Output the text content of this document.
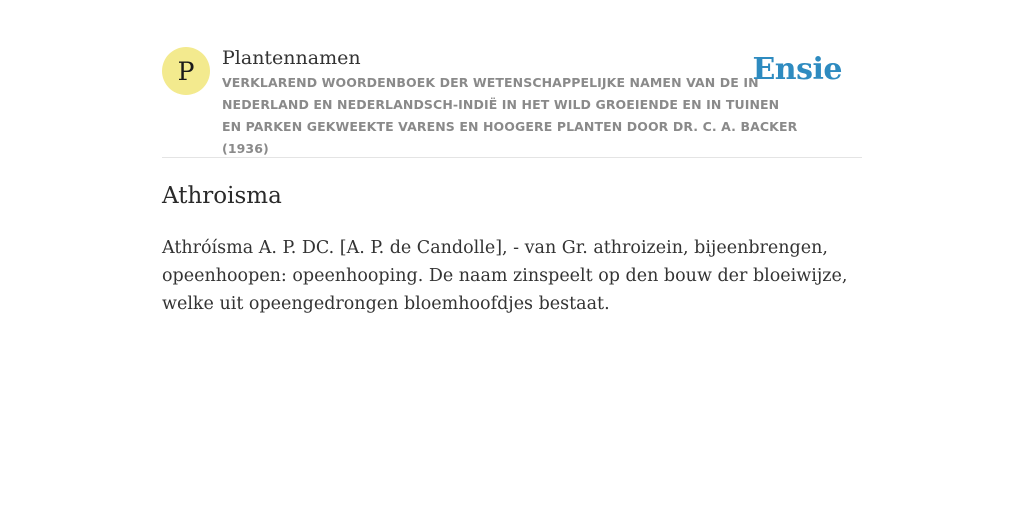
P	Plantennamen
VERKLAREND WOORDENBOEK DER WETENSCHAPPELIJKE NAMEN VAN DE IN NEDERLAND EN NEDERLANDSCH-INDIË IN HET WILD GROEIENDE EN IN TUINEN EN PARKEN GEKWEEKTE VARENS EN HOOGERE PLANTEN DOOR DR. C. A. BACKER (1936)
Ensie
Athroisma

Athróísma A. P. DC. [A. P. de Candolle], - van Gr. athroizein, bijeenbrengen, opeenhoopen: opeenhooping. De naam zinspeelt op den bouw der bloeiwijze, welke uit opeengedrongen bloemhoofdjes bestaat.
